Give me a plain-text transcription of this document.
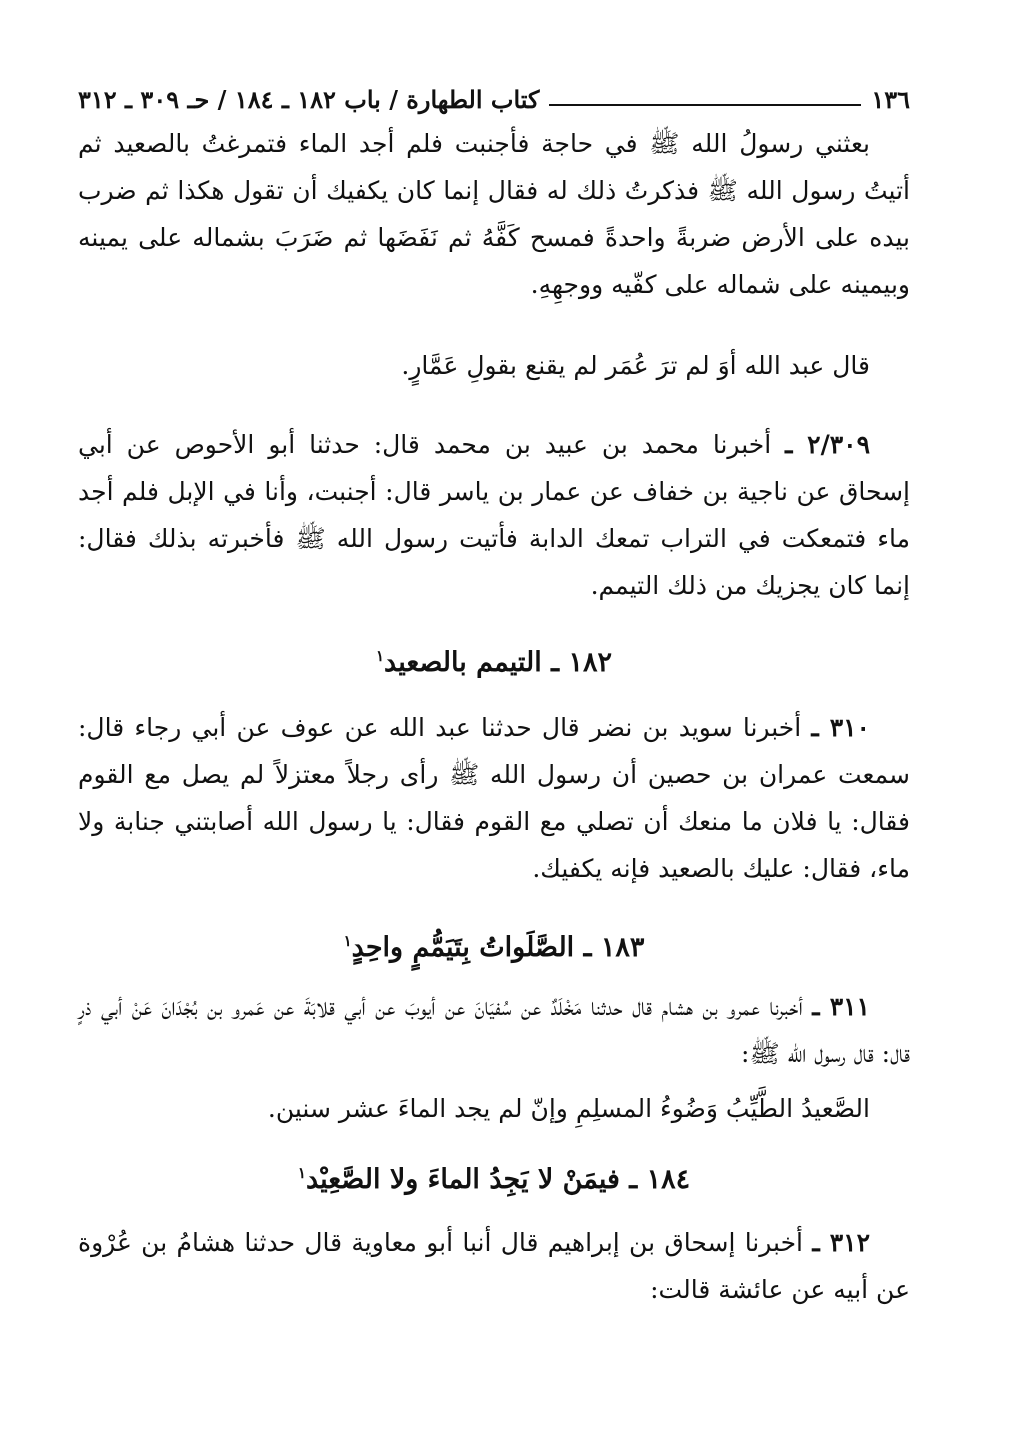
١٣٦
كتاب الطهارة / باب ١٨٢ ـ ١٨٤ / حـ ٣٠٩ ـ ٣١٢

بعثني رسولُ الله ﷺ في حاجة فأجنبت فلم أجد الماء فتمرغتُ بالصعيد ثم أتيتُ رسول الله ﷺ فذكرتُ ذلك له فقال إنما كان يكفيك أن تقول هكذا ثم ضرب بيده على الأرض ضربةً واحدةً فمسح كَفَّهُ ثم نَفَضَها ثم ضَرَبَ بشماله على يمينه وبيمينه على شماله على كفّيه ووجهِهِ.

قال عبد الله أوَ لم ترَ عُمَر لم يقنع بقولِ عَمَّارٍ.

٢/٣٠٩ ـ أخبرنا محمد بن عبيد بن محمد قال: حدثنا أبو الأحوص عن أبي إسحاق عن ناجية بن خفاف عن عمار بن ياسر قال: أجنبت، وأنا في الإبل فلم أجد ماء فتمعكت في التراب تمعك الدابة فأتيت رسول الله ﷺ فأخبرته بذلك فقال: إنما كان يجزيك من ذلك التيمم.

١٨٢ ـ التيمم بالصعيد$^١$

٣١٠ ـ أخبرنا سويد بن نضر قال حدثنا عبد الله عن عوف عن أبي رجاء قال: سمعت عمران بن حصين أن رسول الله ﷺ رأى رجلاً معتزلاً لم يصل مع القوم فقال: يا فلان ما منعك أن تصلي مع القوم فقال: يا رسول الله أصابتني جنابة ولا ماء، فقال: عليك بالصعيد فإنه يكفيك.

١٨٣ ـ الصَّلَواتُ بِتَيَمُّمٍ واحِدٍ$^١$

٣١١ ـ أخبرنا عمرو بن هشام قال حدثنا مَخْلَدٌ عن سُفيَانَ عن أيوبَ عن أبي قلابَةَ عن عَمرو بن بُجْدَانَ عَنْ أبي ذرٍ قال: قال رسول الله ﷺ:

الصَّعيدُ الطَّيِّبُ وَضُوءُ المسلِمِ وإنّ لم يجد الماءَ عشر سنين.

١٨٤ ـ فيمَنْ لا يَجِدُ الماءَ ولا الصَّعِيْد$^١$

٣١٢ ـ أخبرنا إسحاق بن إبراهيم قال أنبا أبو معاوية قال حدثنا هشامُ بن عُرْوة عن أبيه عن عائشة قالت:
